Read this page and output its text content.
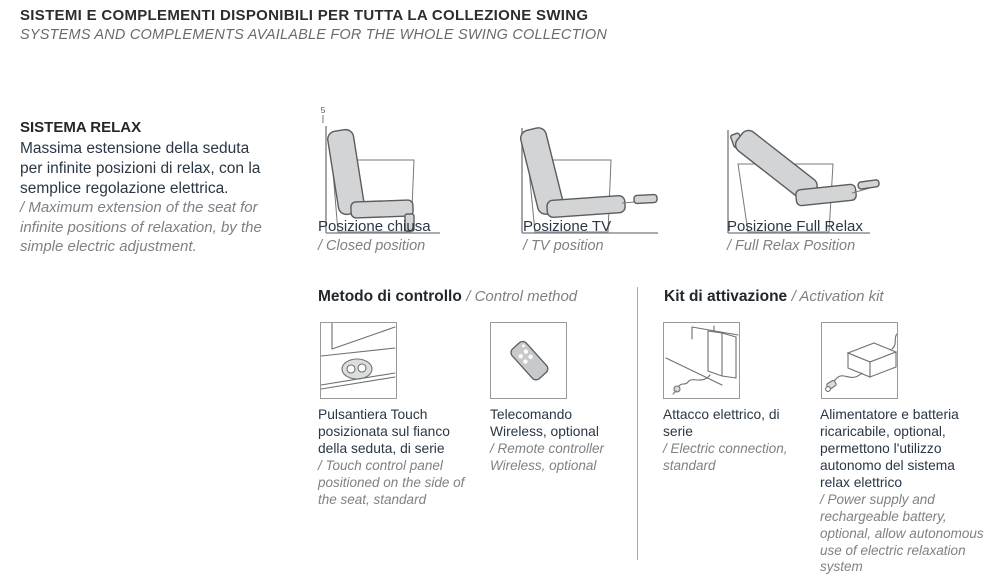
SISTEMI E COMPLEMENTI DISPONIBILI PER TUTTA LA COLLEZIONE SWING
SYSTEMS AND COMPLEMENTS AVAILABLE FOR THE WHOLE SWING COLLECTION
SISTEMA RELAX
Massima estensione della seduta per infinite posizioni di relax, con la semplice regolazione elettrica.
/ Maximum extension of the seat for infinite positions of relaxation, by the simple electric adjustment.
5
Posizione chiusa
/ Closed position
Posizione TV
/ TV position
Posizione Full Relax
/ Full Relax Position
Metodo di controllo / Control method	Kit di attivazione / Activation kit
Pulsantiera Touch posizionata sul fianco della seduta, di serie
/ Touch control panel positioned on the side of the seat, standard
Telecomando Wireless, optional
/ Remote controller Wireless, optional
Attacco elettrico, di serie
/ Electric connection, standard
Alimentatore e batteria ricaricabile, optional, permettono l'utilizzo autonomo del sistema relax elettrico
/ Power supply and rechargeable battery, optional, allow autonomous use of electric relaxation system
